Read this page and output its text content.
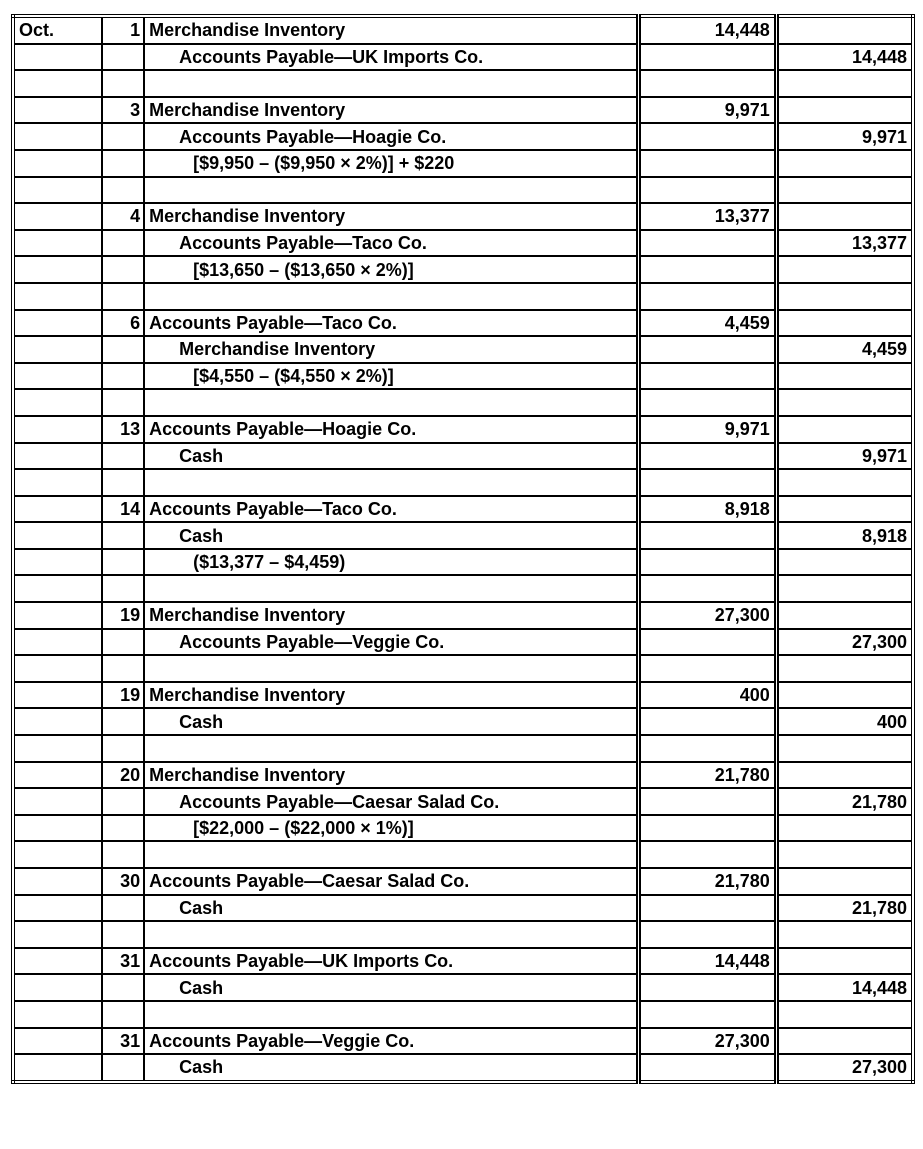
Oct.	1	Merchandise Inventory	14,448	
		Accounts Payable—UK Imports Co.		14,448

	3	Merchandise Inventory	9,971	
		Accounts Payable—Hoagie Co.		9,971
		[$9,950 – ($9,950 × 2%)] + $220		

	4	Merchandise Inventory	13,377	
		Accounts Payable—Taco Co.		13,377
		[$13,650 – ($13,650 × 2%)]		

	6	Accounts Payable—Taco Co.	4,459	
		Merchandise Inventory		4,459
		[$4,550 – ($4,550 × 2%)]		

	13	Accounts Payable—Hoagie Co.	9,971	
		Cash		9,971

	14	Accounts Payable—Taco Co.	8,918	
		Cash		8,918
		($13,377 – $4,459)		

	19	Merchandise Inventory	27,300	
		Accounts Payable—Veggie Co.		27,300

	19	Merchandise Inventory	400	
		Cash		400

	20	Merchandise Inventory	21,780	
		Accounts Payable—Caesar Salad Co.		21,780
		[$22,000 – ($22,000 × 1%)]		

	30	Accounts Payable—Caesar Salad Co.	21,780	
		Cash		21,780

	31	Accounts Payable—UK Imports Co.	14,448	
		Cash		14,448

	31	Accounts Payable—Veggie Co.	27,300	
		Cash		27,300
